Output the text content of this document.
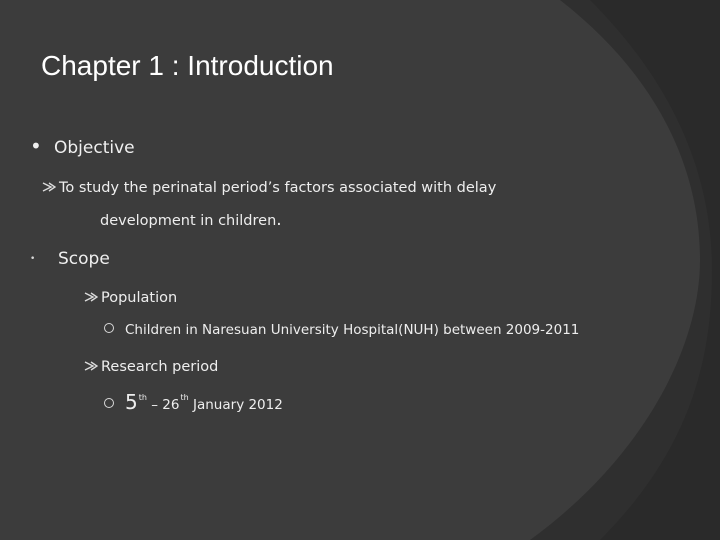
Chapter 1 : Introduction
• Objective
To study the perinatal period’s factors associated with delay
development in children.
• Scope
Population
Children in Naresuan University Hospital(NUH) between 2009-2011
Research period
5th – 26th January 2012
